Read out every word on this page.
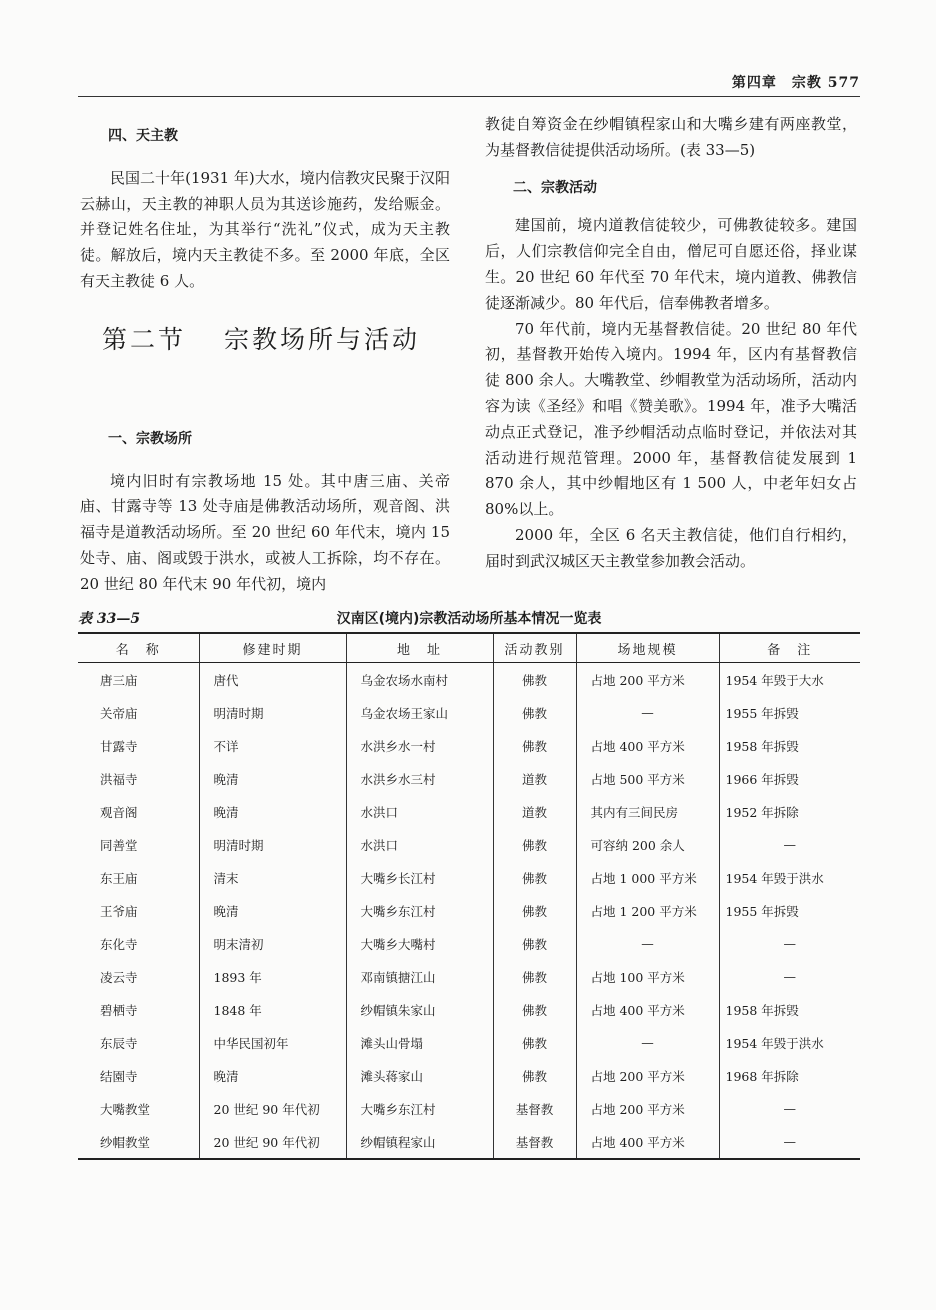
第四章　宗教 577

四、天主教

民国二十年(1931 年)大水，境内信教灾民聚于汉阳云赫山，天主教的神职人员为其送诊施药，发给赈金。并登记姓名住址，为其举行“洗礼”仪式，成为天主教徒。解放后，境内天主教徒不多。至 2000 年底，全区有天主教徒 6 人。

第二节 宗教场所与活动

一、宗教场所

境内旧时有宗教场地 15 处。其中唐三庙、关帝庙、甘露寺等 13 处寺庙是佛教活动场所，观音阁、洪福寺是道教活动场所。至 20 世纪 60 年代末，境内 15 处寺、庙、阁或毁于洪水，或被人工拆除，均不存在。20 世纪 80 年代末 90 年代初，境内

教徒自筹资金在纱帽镇程家山和大嘴乡建有两座教堂，为基督教信徒提供活动场所。(表 33—5)

二、宗教活动

建国前，境内道教信徒较少，可佛教徒较多。建国后，人们宗教信仰完全自由，僧尼可自愿还俗，择业谋生。20 世纪 60 年代至 70 年代末，境内道教、佛教信徒逐渐减少。80 年代后，信奉佛教者增多。

70 年代前，境内无基督教信徒。20 世纪 80 年代初，基督教开始传入境内。1994 年，区内有基督教信徒 800 余人。大嘴教堂、纱帽教堂为活动场所，活动内容为读《圣经》和唱《赞美歌》。1994 年，准予大嘴活动点正式登记，准予纱帽活动点临时登记，并依法对其活动进行规范管理。2000 年，基督教信徒发展到 1 870 余人，其中纱帽地区有 1 500 人，中老年妇女占 80%以上。

2000 年，全区 6 名天主教信徒，他们自行相约，届时到武汉城区天主教堂参加教会活动。

表 33—5	汉南区(境内)宗教活动场所基本情况一览表
名　称	修建时期	地　址	活动教别	场地规模	备　注
唐三庙	唐代	乌金农场水南村	佛教	占地 200 平方米	1954 年毁于大水
关帝庙	明清时期	乌金农场王家山	佛教	—	1955 年拆毁
甘露寺	不详	水洪乡水一村	佛教	占地 400 平方米	1958 年拆毁
洪福寺	晚清	水洪乡水三村	道教	占地 500 平方米	1966 年拆毁
观音阁	晚清	水洪口	道教	其内有三间民房	1952 年拆除
同善堂	明清时期	水洪口	佛教	可容纳 200 余人	—
东王庙	清末	大嘴乡长江村	佛教	占地 1 000 平方米	1954 年毁于洪水
王爷庙	晚清	大嘴乡东江村	佛教	占地 1 200 平方米	1955 年拆毁
东化寺	明末清初	大嘴乡大嘴村	佛教	—	—
凌云寺	1893 年	邓南镇搪江山	佛教	占地 100 平方米	—
碧栖寺	1848 年	纱帽镇朱家山	佛教	占地 400 平方米	1958 年拆毁
东辰寺	中华民国初年	滩头山骨塌	佛教	—	1954 年毁于洪水
结園寺	晚清	滩头蒋家山	佛教	占地 200 平方米	1968 年拆除
大嘴教堂	20 世纪 90 年代初	大嘴乡东江村	基督教	占地 200 平方米	—
纱帽教堂	20 世纪 90 年代初	纱帽镇程家山	基督教	占地 400 平方米	—
